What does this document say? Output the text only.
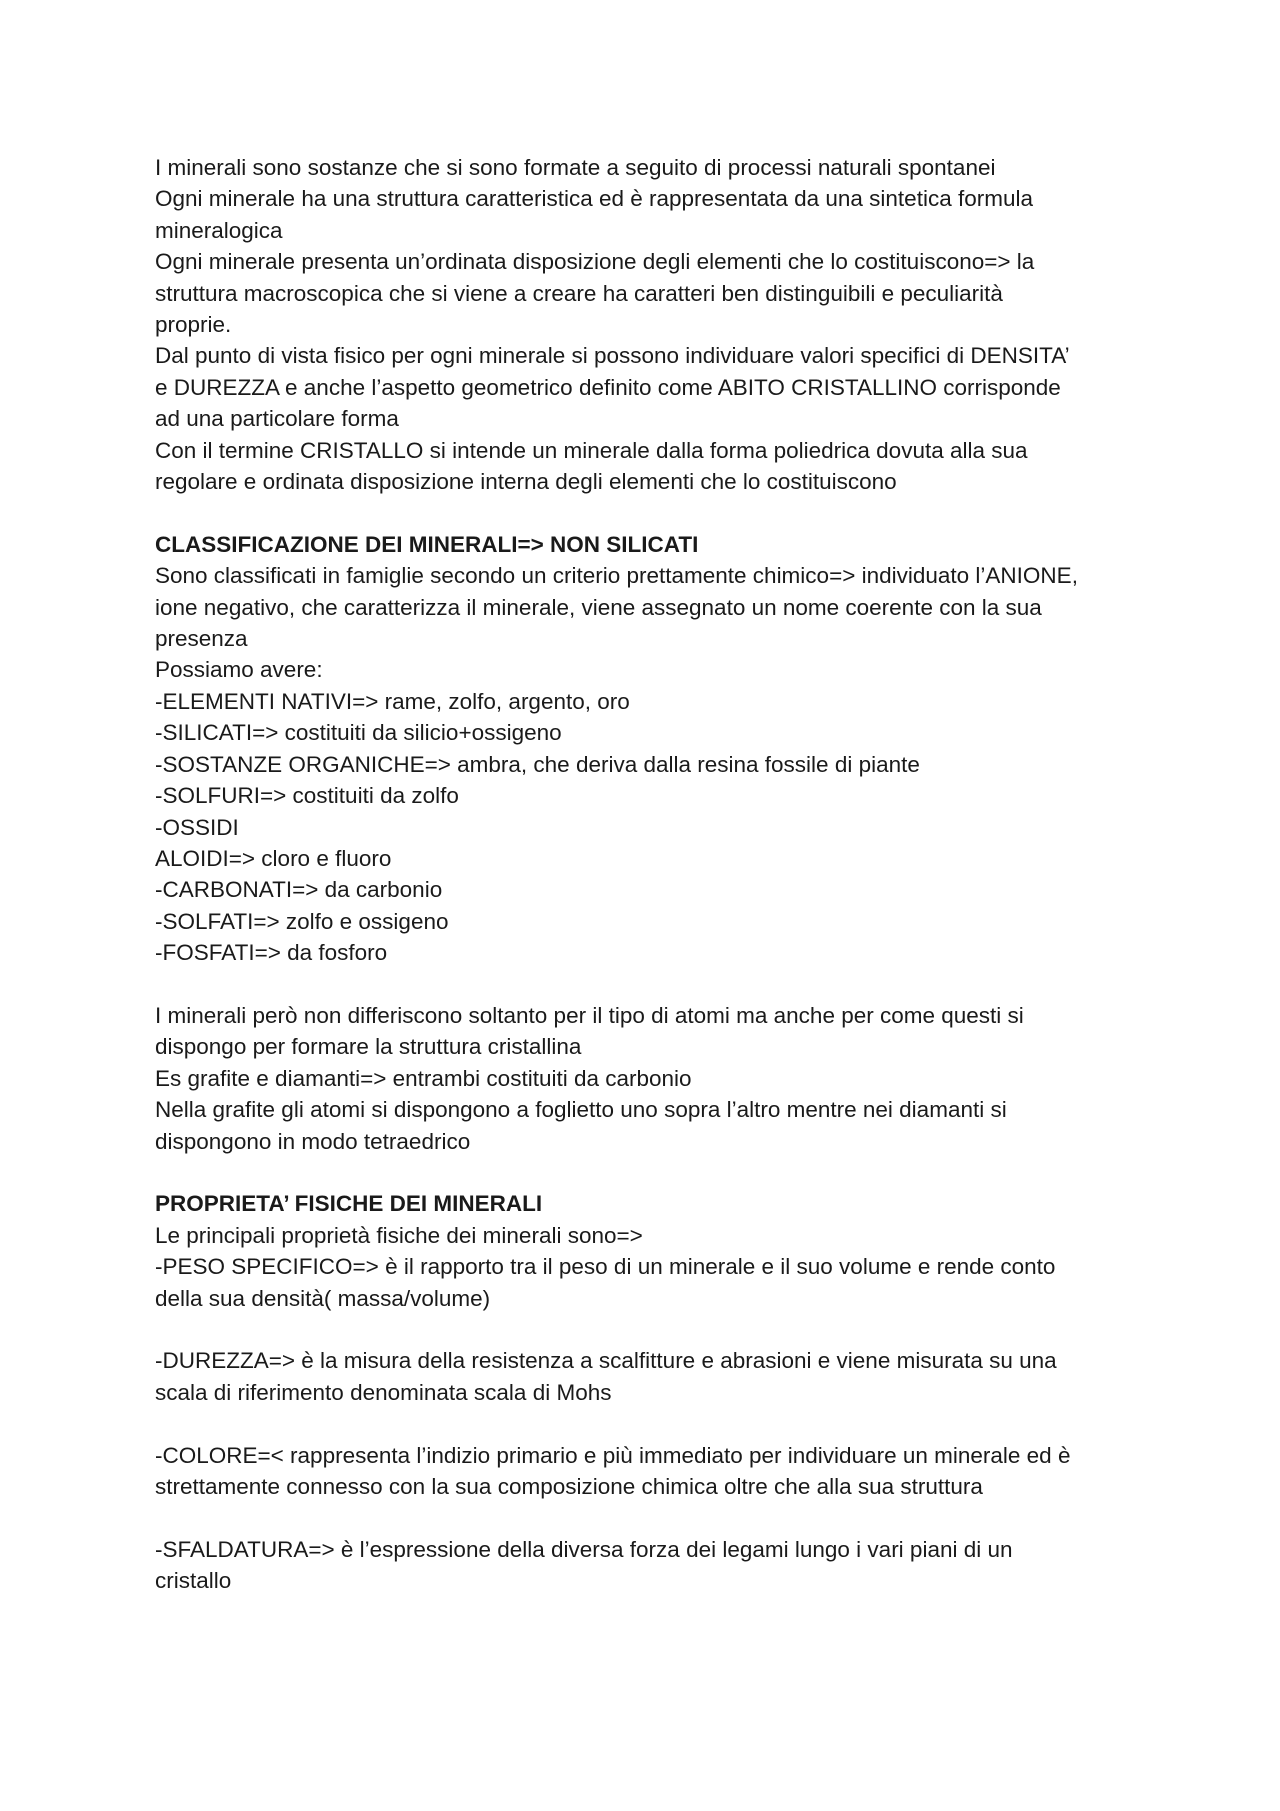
I minerali sono sostanze che si sono formate a seguito di processi naturali spontanei
Ogni minerale ha una struttura caratteristica ed è rappresentata da una sintetica formula
mineralogica
Ogni minerale presenta un’ordinata disposizione degli elementi che lo costituiscono=> la
struttura macroscopica che si viene a creare ha caratteri ben distinguibili e peculiarità
proprie.
Dal punto di vista fisico per ogni minerale si possono individuare valori specifici di DENSITA’
e DUREZZA e anche l’aspetto geometrico definito come ABITO CRISTALLINO corrisponde
ad una particolare forma
Con il termine CRISTALLO si intende un minerale dalla forma poliedrica dovuta alla sua
regolare e ordinata disposizione interna degli elementi che lo costituiscono
CLASSIFICAZIONE DEI MINERALI=> NON SILICATI
Sono classificati in famiglie secondo un criterio prettamente chimico=> individuato l’ANIONE,
ione negativo, che caratterizza il minerale, viene assegnato un nome coerente con la sua
presenza
Possiamo avere:
-ELEMENTI NATIVI=> rame, zolfo, argento, oro
-SILICATI=> costituiti da silicio+ossigeno
-SOSTANZE ORGANICHE=> ambra, che deriva dalla resina fossile di piante
-SOLFURI=> costituiti da zolfo
-OSSIDI
ALOIDI=> cloro e fluoro
-CARBONATI=> da carbonio
-SOLFATI=> zolfo e ossigeno
-FOSFATI=> da fosforo
I minerali però non differiscono soltanto per il tipo di atomi ma anche per come questi si
dispongo per formare la struttura cristallina
Es grafite e diamanti=> entrambi costituiti da carbonio
Nella grafite gli atomi si dispongono a foglietto uno sopra l’altro mentre nei diamanti si
dispongono in modo tetraedrico
PROPRIETA’ FISICHE DEI MINERALI
Le principali proprietà fisiche dei minerali sono=>
-PESO SPECIFICO=> è il rapporto tra il peso di un minerale e il suo volume e rende conto
della sua densità( massa/volume)
-DUREZZA=> è la misura della resistenza a scalfitture e abrasioni e viene misurata su una
scala di riferimento denominata scala di Mohs
-COLORE=< rappresenta l’indizio primario e più immediato per individuare un minerale ed è
strettamente connesso con la sua composizione chimica oltre che alla sua struttura
-SFALDATURA=> è l’espressione della diversa forza dei legami lungo i vari piani di un
cristallo
